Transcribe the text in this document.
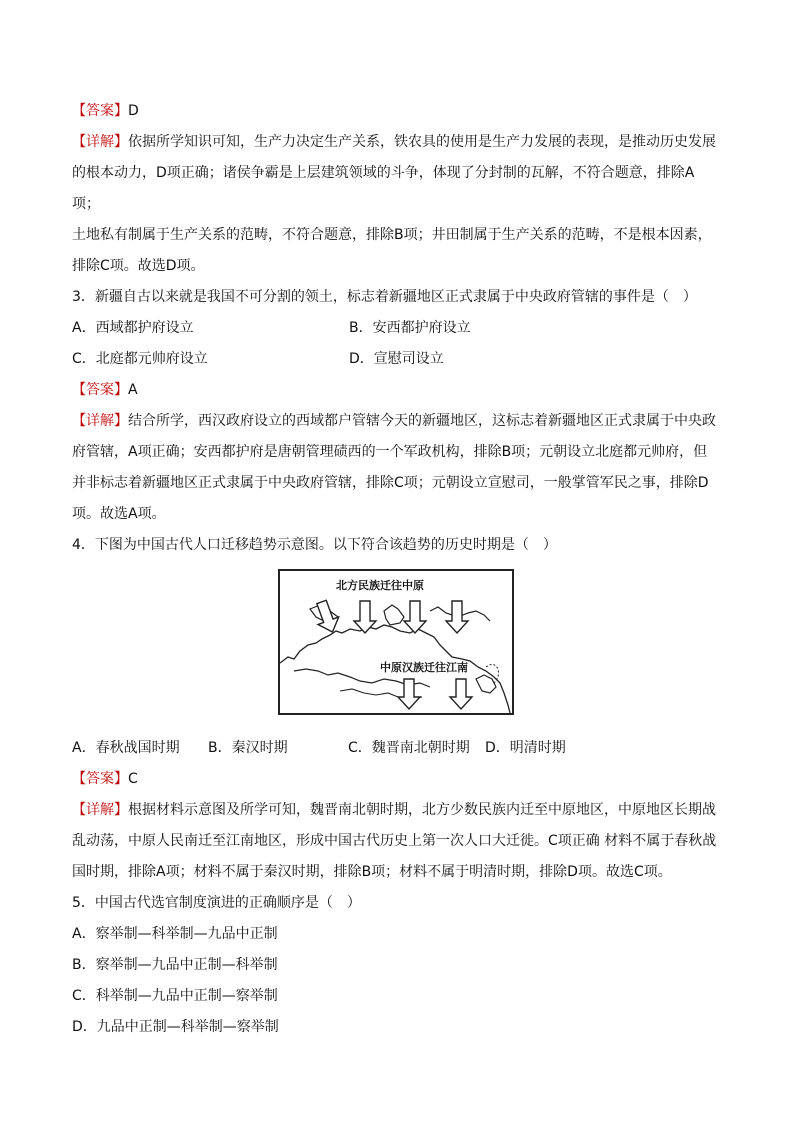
【答案】D

【详解】依据所学知识可知，生产力决定生产关系，铁农具的使用是生产力发展的表现，是推动历史发展

的根本动力，D项正确；诸侯争霸是上层建筑领域的斗争，体现了分封制的瓦解，不符合题意，排除A项；

土地私有制属于生产关系的范畴，不符合题意，排除B项；井田制属于生产关系的范畴，不是根本因素，

排除C项。故选D项。

3．新疆自古以来就是我国不可分割的领土，标志着新疆地区正式隶属于中央政府管辖的事件是（　）

A．西域都护府设立	B．安西都护府设立
C．北庭都元帅府设立	D．宣慰司设立

【答案】A

【详解】结合所学，西汉政府设立的西域都户管辖今天的新疆地区，这标志着新疆地区正式隶属于中央政

府管辖，A项正确；安西都护府是唐朝管理碛西的一个军政机构，排除B项；元朝设立北庭都元帅府，但

并非标志着新疆地区正式隶属于中央政府管辖，排除C项；元朝设立宣慰司，一般掌管军民之事，排除D

项。故选A项。

4．下图为中国古代人口迁移趋势示意图。以下符合该趋势的历史时期是（　）

北方民族迁往中原
中原汉族迁往江南
A．春秋战国时期	B．秦汉时期	C．魏晋南北朝时期	D．明清时期

【答案】C

【详解】根据材料示意图及所学可知，魏晋南北朝时期，北方少数民族内迁至中原地区，中原地区长期战

乱动荡，中原人民南迁至江南地区，形成中国古代历史上第一次人口大迁徙。C项正确 材料不属于春秋战

国时期，排除A项；材料不属于秦汉时期，排除B项；材料不属于明清时期，排除D项。故选C项。

5．中国古代选官制度演进的正确顺序是（　）

A．察举制—科举制—九品中正制

B．察举制—九品中正制—科举制

C．科举制—九品中正制—察举制

D．九品中正制—科举制—察举制
